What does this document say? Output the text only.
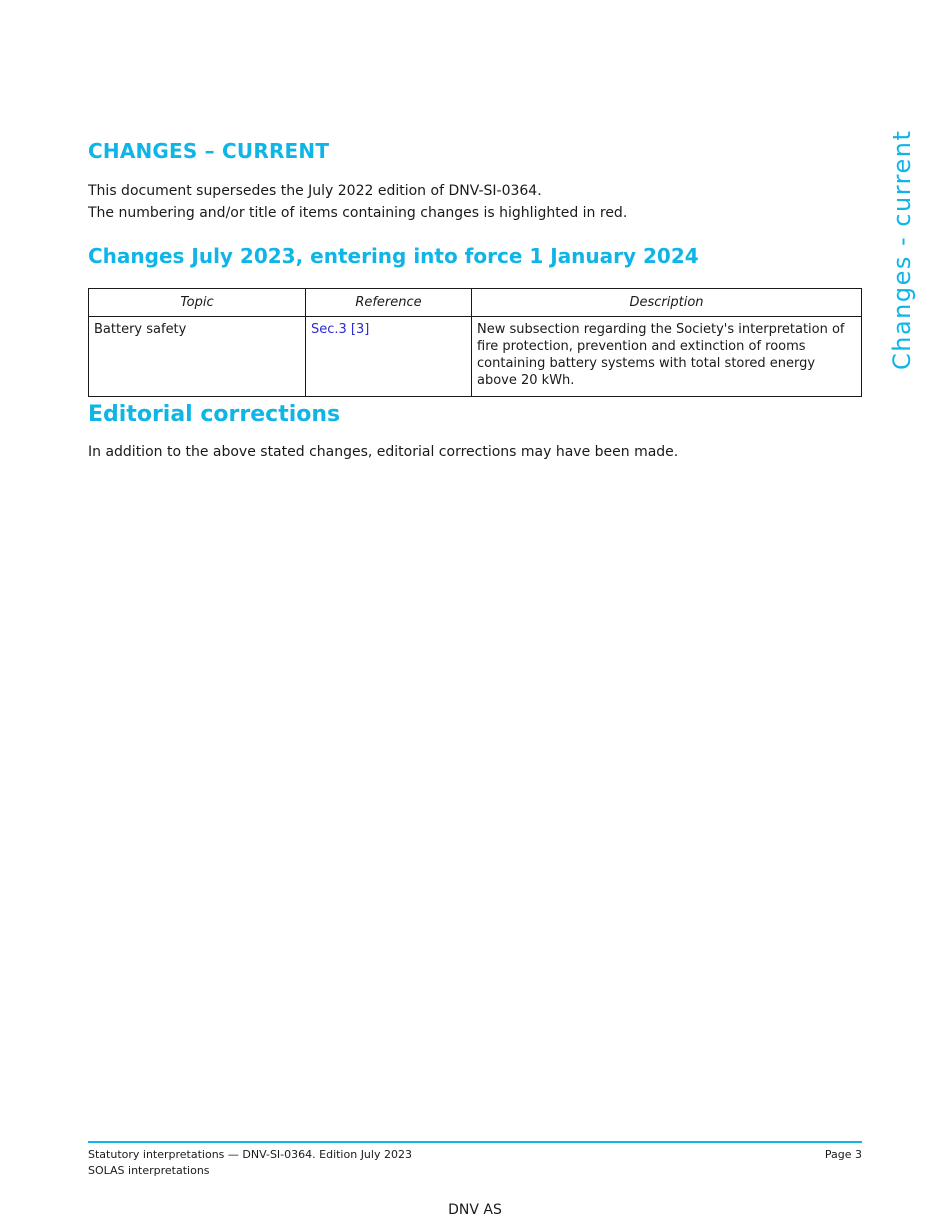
CHANGES – CURRENT

This document supersedes the July 2022 edition of DNV-SI-0364.

The numbering and/or title of items containing changes is highlighted in red.

Changes July 2023, entering into force 1 January 2024
Topic	Reference	Description
Battery safety	Sec.3 [3]	New subsection regarding the Society's interpretation of fire protection, prevention and extinction of rooms containing battery systems with total stored energy above 20 kWh.
Editorial corrections

In addition to the above stated changes, editorial corrections may have been made.

Changes - current
Statutory interpretations — DNV-SI-0364. Edition July 2023
SOLAS interpretations
Page 3
DNV AS
